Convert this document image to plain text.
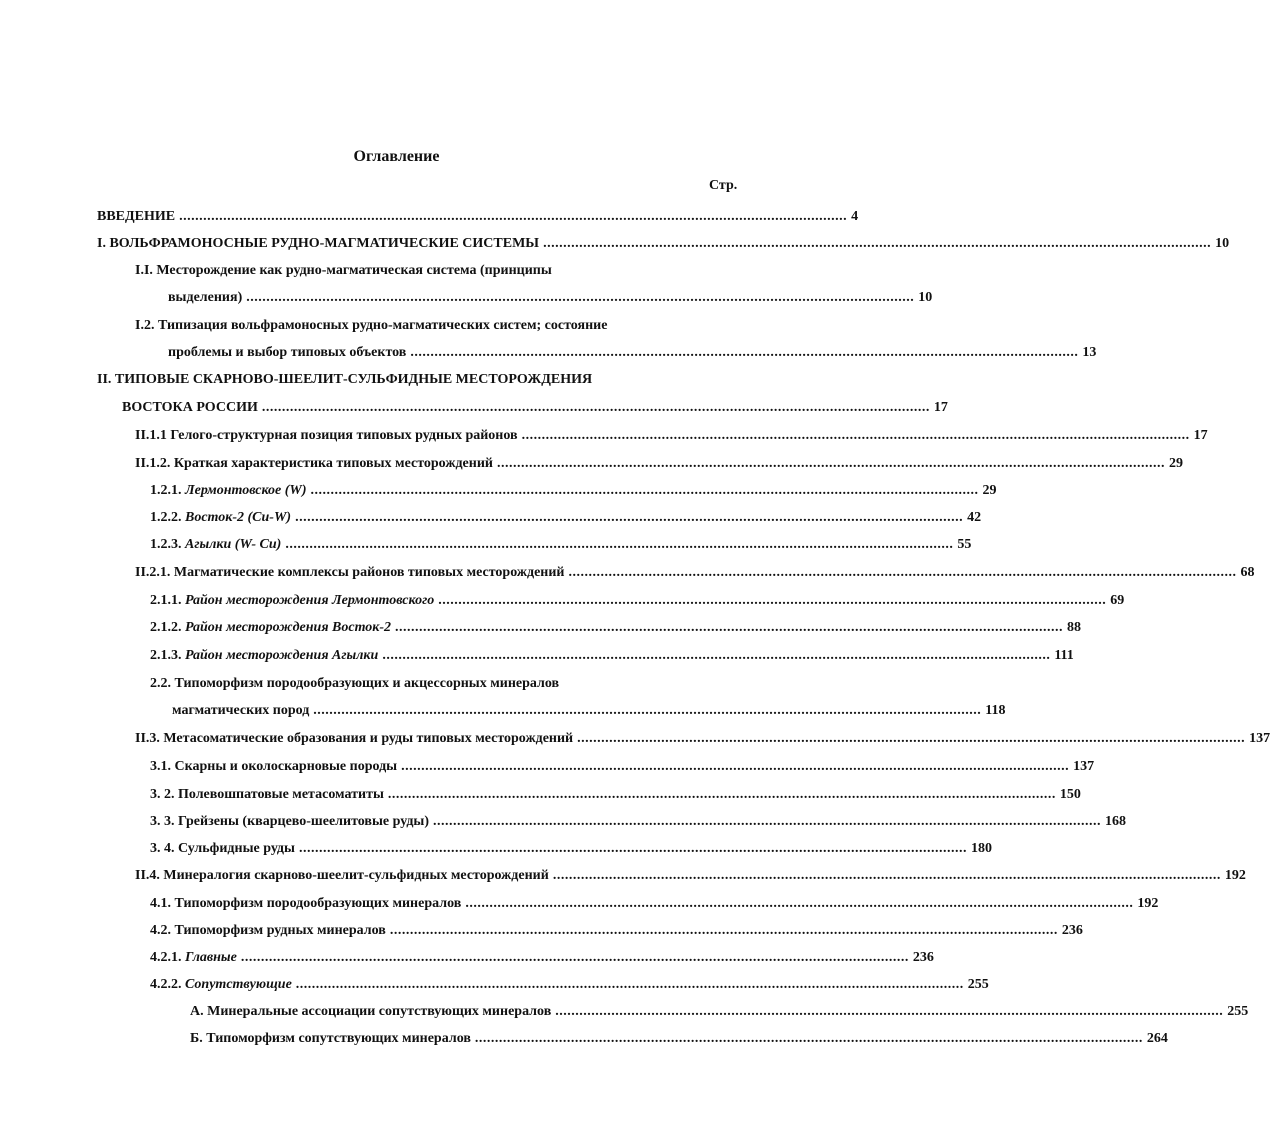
Оглавление
Стр.
ВВЕДЕНИЕ ....................................................................................................................................................................... 4
I. ВОЛЬФРАМОНОСНЫЕ РУДНО-МАГМАТИЧЕСКИЕ СИСТЕМЫ ....................................................................................................................................................................... 10
I.I. Месторождение как рудно-магматическая система (принципы
выделения) ....................................................................................................................................................................... 10
I.2. Типизация вольфрамоносных рудно-магматических систем; состояние
проблемы и выбор типовых объектов ....................................................................................................................................................................... 13
II. ТИПОВЫЕ СКАРНОВО-ШЕЕЛИТ-СУЛЬФИДНЫЕ МЕСТОРОЖДЕНИЯ
ВОСТОКА РОССИИ ....................................................................................................................................................................... 17
II.1.1 Гелого-структурная позиция типовых рудных районов ....................................................................................................................................................................... 17
II.1.2. Краткая характеристика типовых месторождений ....................................................................................................................................................................... 29
1.2.1.
Лермонтовское (W) ....................................................................................................................................................................... 29
1.2.2.
Восток-2 (Cu-W) ....................................................................................................................................................................... 42
1.2.3.
Агылки (W- Cu) ....................................................................................................................................................................... 55
II.2.1. Магматические комплексы районов типовых месторождений ....................................................................................................................................................................... 68
2.1.1.
Район месторождения Лермонтовского ....................................................................................................................................................................... 69
2.1.2.
Район месторождения Восток-2 ....................................................................................................................................................................... 88
2.1.3.
Район месторождения Агылки ....................................................................................................................................................................... 111
2.2. Типоморфизм породообразующих и акцессорных минералов
магматических пород ....................................................................................................................................................................... 118
II.3. Метасоматические образования и руды типовых месторождений ....................................................................................................................................................................... 137
3.1. Скарны и околоскарновые породы ....................................................................................................................................................................... 137
3. 2. Полевошпатовые метасоматиты ....................................................................................................................................................................... 150
3. 3. Грейзены (кварцево-шеелитовые руды) ....................................................................................................................................................................... 168
3. 4. Сульфидные руды ....................................................................................................................................................................... 180
II.4. Минералогия скарново-шеелит-сульфидных месторождений ....................................................................................................................................................................... 192
4.1. Типоморфизм породообразующих минералов ....................................................................................................................................................................... 192
4.2. Типоморфизм рудных минералов ....................................................................................................................................................................... 236
4.2.1.
Главные ....................................................................................................................................................................... 236
4.2.2.
Сопутствующие ....................................................................................................................................................................... 255
А. Минеральные ассоциации сопутствующих минералов ....................................................................................................................................................................... 255
Б. Типоморфизм сопутствующих минералов ....................................................................................................................................................................... 264
